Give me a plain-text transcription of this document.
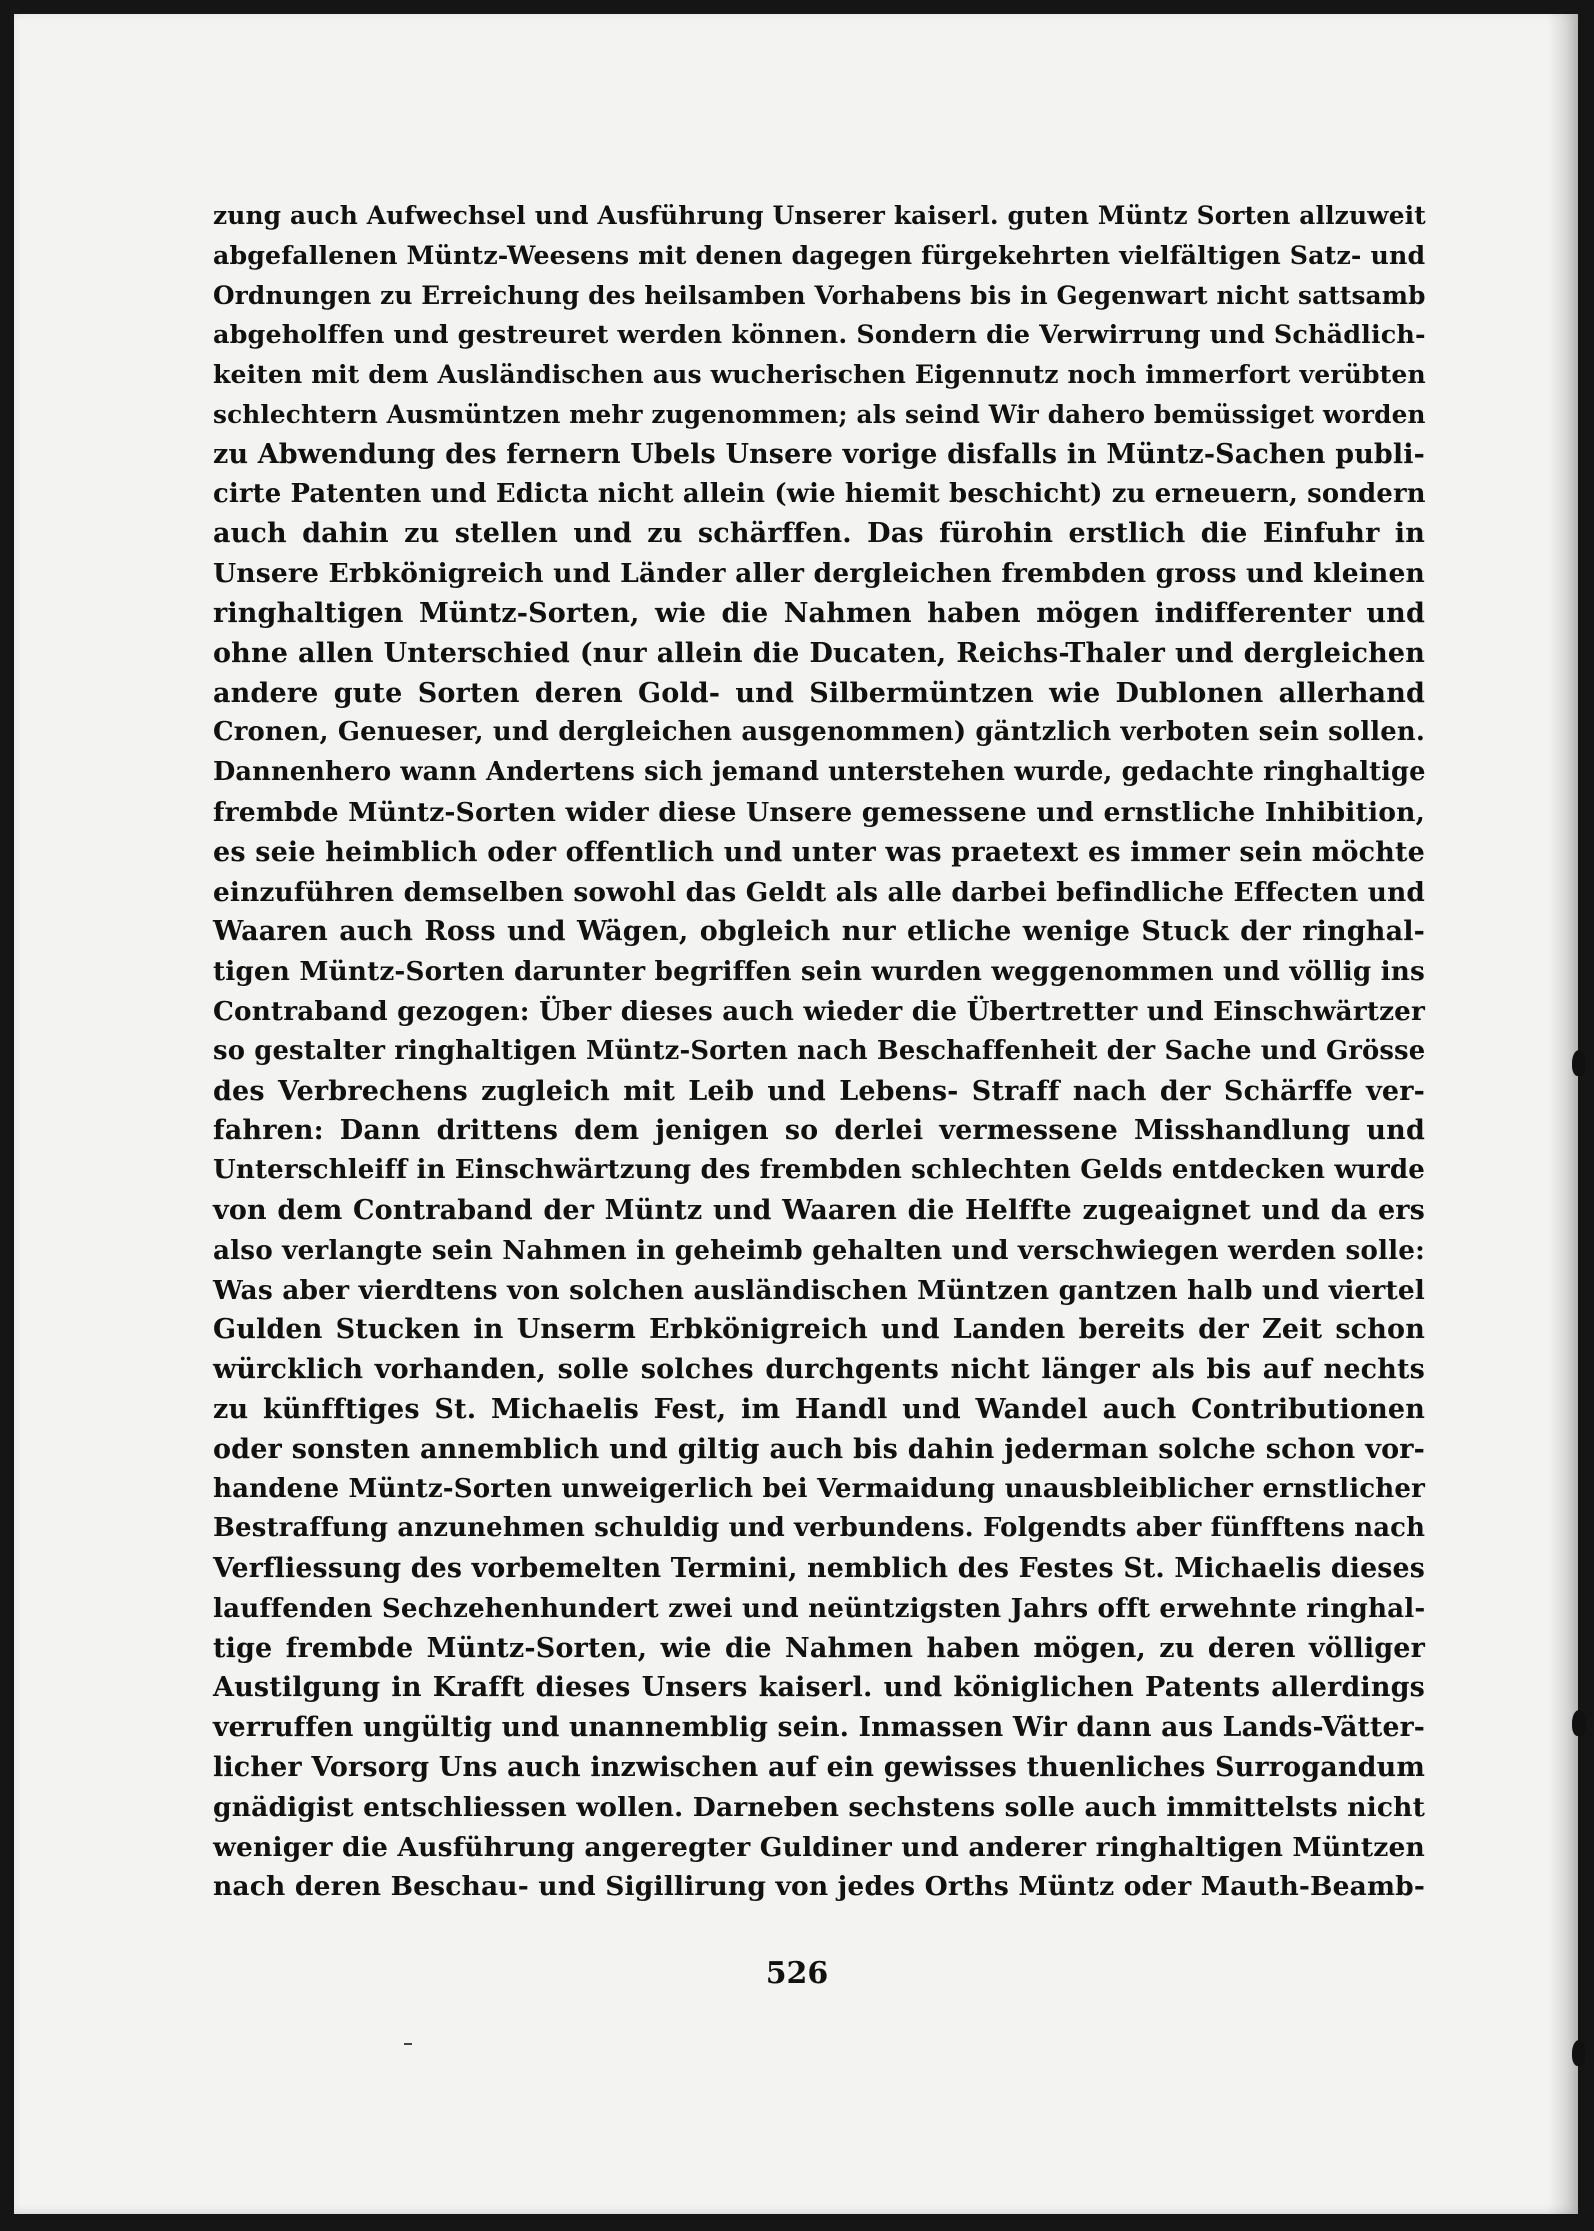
zung auch Aufwechsel und Ausführung Unserer kaiserl. guten Müntz Sorten allzuweit
abgefallenen Müntz-Weesens mit denen dagegen fürgekehrten vielfältigen Satz- und
Ordnungen zu Erreichung des heilsamben Vorhabens bis in Gegenwart nicht sattsamb
abgeholffen und gestreuret werden können. Sondern die Verwirrung und Schädlich-
keiten mit dem Ausländischen aus wucherischen Eigennutz noch immerfort verübten
schlechtern Ausmüntzen mehr zugenommen; als seind Wir dahero bemüssiget worden
zu Abwendung des fernern Ubels Unsere vorige disfalls in Müntz-Sachen publi-
cirte Patenten und Edicta nicht allein (wie hiemit beschicht) zu erneuern, sondern
auch dahin zu stellen und zu schärffen. Das fürohin erstlich die Einfuhr in
Unsere Erbkönigreich und Länder aller dergleichen frembden gross und kleinen
ringhaltigen Müntz-Sorten, wie die Nahmen haben mögen indifferenter und
ohne allen Unterschied (nur allein die Ducaten, Reichs-Thaler und dergleichen
andere gute Sorten deren Gold- und Silbermüntzen wie Dublonen allerhand
Cronen, Genueser, und dergleichen ausgenommen) gäntzlich verboten sein sollen.
Dannenhero wann Andertens sich jemand unterstehen wurde, gedachte ringhaltige
frembde Müntz-Sorten wider diese Unsere gemessene und ernstliche Inhibition,
es seie heimblich oder offentlich und unter was praetext es immer sein möchte
einzuführen demselben sowohl das Geldt als alle darbei befindliche Effecten und
Waaren auch Ross und Wägen, obgleich nur etliche wenige Stuck der ringhal-
tigen Müntz-Sorten darunter begriffen sein wurden weggenommen und völlig ins
Contraband gezogen: Über dieses auch wieder die Übertretter und Einschwärtzer
so gestalter ringhaltigen Müntz-Sorten nach Beschaffenheit der Sache und Grösse
des Verbrechens zugleich mit Leib und Lebens- Straff nach der Schärffe ver-
fahren: Dann drittens dem jenigen so derlei vermessene Misshandlung und
Unterschleiff in Einschwärtzung des frembden schlechten Gelds entdecken wurde
von dem Contraband der Müntz und Waaren die Helffte zugeaignet und da ers
also verlangte sein Nahmen in geheimb gehalten und verschwiegen werden solle:
Was aber vierdtens von solchen ausländischen Müntzen gantzen halb und viertel
Gulden Stucken in Unserm Erbkönigreich und Landen bereits der Zeit schon
würcklich vorhanden, solle solches durchgents nicht länger als bis auf nechts
zu künfftiges St. Michaelis Fest, im Handl und Wandel auch Contributionen
oder sonsten annemblich und giltig auch bis dahin jederman solche schon vor-
handene Müntz-Sorten unweigerlich bei Vermaidung unausbleiblicher ernstlicher
Bestraffung anzunehmen schuldig und verbundens. Folgendts aber fünfftens nach
Verfliessung des vorbemelten Termini, nemblich des Festes St. Michaelis dieses
lauffenden Sechzehenhundert zwei und neüntzigsten Jahrs offt erwehnte ringhal-
tige frembde Müntz-Sorten, wie die Nahmen haben mögen, zu deren völliger
Austilgung in Krafft dieses Unsers kaiserl. und königlichen Patents allerdings
verruffen ungültig und unannemblig sein. Inmassen Wir dann aus Lands-Vätter-
licher Vorsorg Uns auch inzwischen auf ein gewisses thuenliches Surrogandum
gnädigist entschliessen wollen. Darneben sechstens solle auch immittelsts nicht
weniger die Ausführung angeregter Guldiner und anderer ringhaltigen Müntzen
nach deren Beschau- und Sigillirung von jedes Orths Müntz oder Mauth-Beamb-
526
